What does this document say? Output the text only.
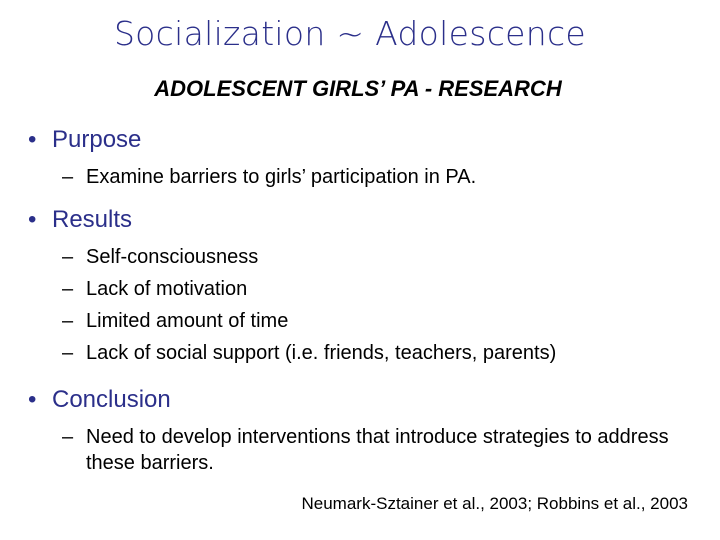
Socialization ~ Adolescence
ADOLESCENT GIRLS’ PA - RESEARCH
• Purpose
– Examine barriers to girls’ participation in PA.
• Results
– Self-consciousness
– Lack of motivation
– Limited amount of time
– Lack of social support (i.e. friends, teachers, parents)
• Conclusion
– Need to develop interventions that introduce strategies to address these barriers.
Neumark-Sztainer et al., 2003; Robbins et al., 2003
